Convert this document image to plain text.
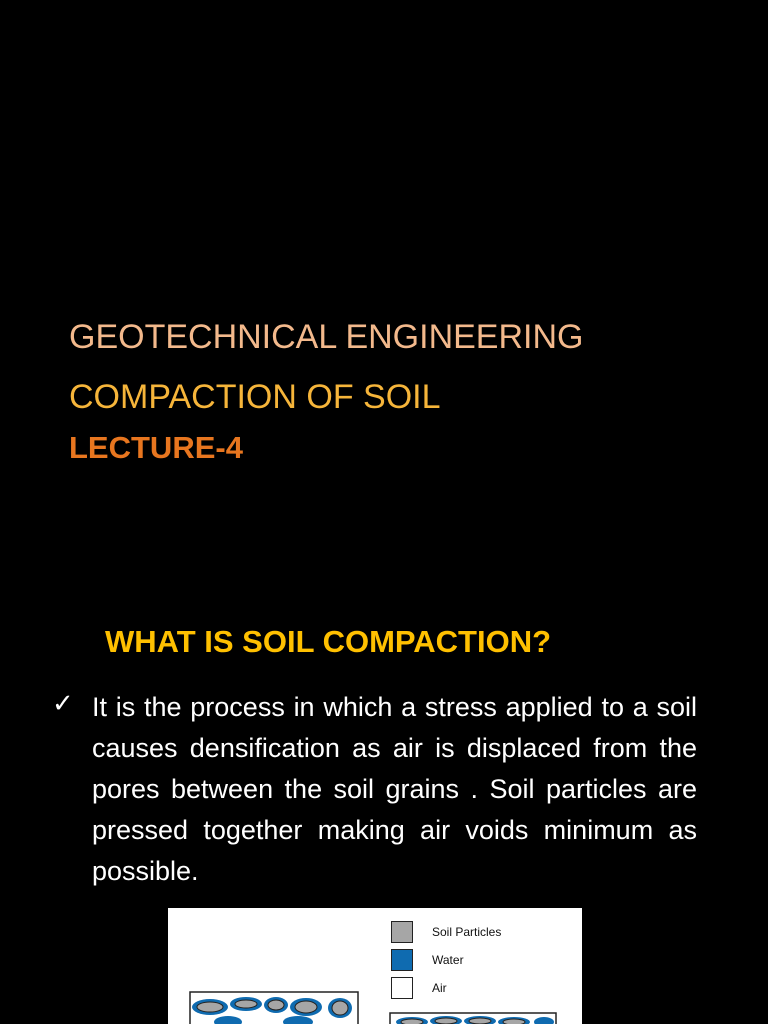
GEOTECHNICAL ENGINEERING
COMPACTION OF SOIL
LECTURE-4
WHAT IS SOIL COMPACTION?
✓ It is the process in which a stress applied to a soil causes densification as air is displaced from the pores between the soil grains . Soil particles are pressed together making air voids minimum as possible.
Soil Particles
Water
Air
